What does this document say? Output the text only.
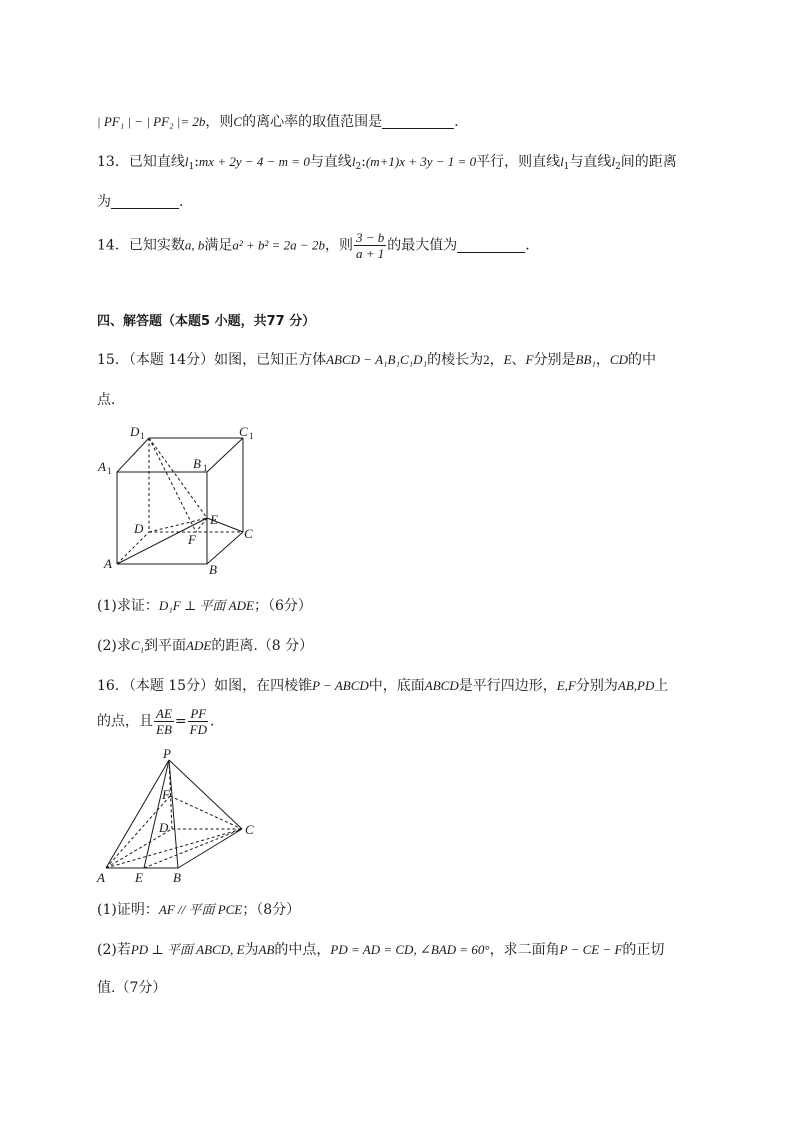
| PF₁ | − | PF₂ |= 2b，则C的离心率的取值范围是	.
13．已知直线$l_1:mx + 2y - 4 - m = 0$与直线$l_2:(m+1)x + 3y - 1 = 0$平行，则直线$l_1$与直线$l_2$间的距离
为	.
14．已知实数a, b满足a² + b² = 2a − 2b，则 $\frac{3 - b}{a + 1}$ 的最大值为	.
四、解答题（本题5 小题，共77 分）
15．（本题 14分）如图，已知正方体ABCD − A₁B₁C₁D₁的棱长为2，E、F分别是BB₁，CD的中
点．
D 1	C 1
A 1	B 1
D
E
F	C
A	B
(1)求证：D₁F ⊥ 平面 ADE；（6分）
(2)求C₁到平面ADE的距离.（8 分）
16．（本题 15分）如图，在四棱锥P − ABCD中，底面ABCD是平行四边形，E,F分别为AB,PD上
的点，且 $\frac{AE}{EB} = \frac{PF}{FD}$ .
P
F
D	C
A E B
(1)证明：AF // 平面 PCE；（8分）
(2)若PD ⊥ 平面 ABCD, E为AB的中点，PD = AD = CD, ∠BAD = 60°，求二面角P − CE − F的正切
值.（7分）
